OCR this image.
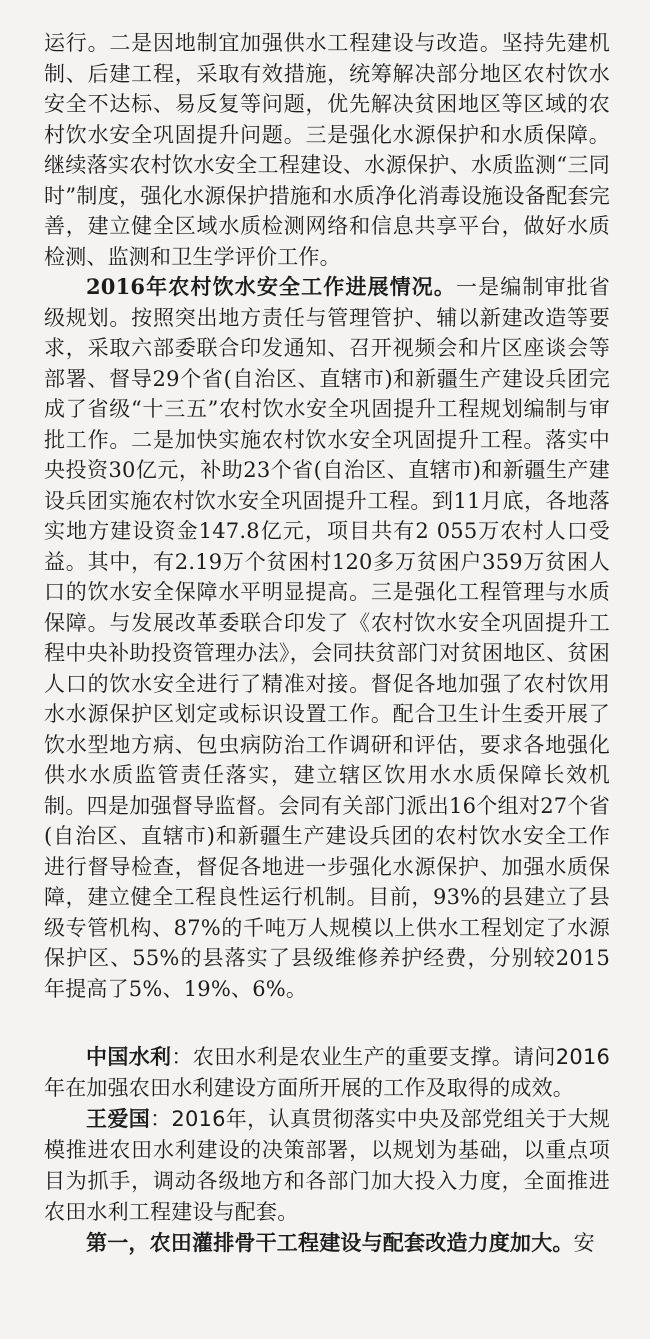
运行。二是因地制宜加强供水工程建设与改造。坚持先建机制、后建工程，采取有效措施，统筹解决部分地区农村饮水安全不达标、易反复等问题，优先解决贫困地区等区域的农村饮水安全巩固提升问题。三是强化水源保护和水质保障。继续落实农村饮水安全工程建设、水源保护、水质监测“三同时”制度，强化水源保护措施和水质净化消毒设施设备配套完善，建立健全区域水质检测网络和信息共享平台，做好水质检测、监测和卫生学评价工作。

2016年农村饮水安全工作进展情况。一是编制审批省级规划。按照突出地方责任与管理管护、辅以新建改造等要求，采取六部委联合印发通知、召开视频会和片区座谈会等部署、督导29个省(自治区、直辖市)和新疆生产建设兵团完成了省级“十三五”农村饮水安全巩固提升工程规划编制与审批工作。二是加快实施农村饮水安全巩固提升工程。落实中央投资30亿元，补助23个省(自治区、直辖市)和新疆生产建设兵团实施农村饮水安全巩固提升工程。到11月底，各地落实地方建设资金147.8亿元，项目共有2 055万农村人口受益。其中，有2.19万个贫困村120多万贫困户359万贫困人口的饮水安全保障水平明显提高。三是强化工程管理与水质保障。与发展改革委联合印发了《农村饮水安全巩固提升工程中央补助投资管理办法》，会同扶贫部门对贫困地区、贫困人口的饮水安全进行了精准对接。督促各地加强了农村饮用水水源保护区划定或标识设置工作。配合卫生计生委开展了饮水型地方病、包虫病防治工作调研和评估，要求各地强化供水水质监管责任落实，建立辖区饮用水水质保障长效机制。四是加强督导监督。会同有关部门派出16个组对27个省(自治区、直辖市)和新疆生产建设兵团的农村饮水安全工作进行督导检查，督促各地进一步强化水源保护、加强水质保障，建立健全工程良性运行机制。目前，93%的县建立了县级专管机构、87%的千吨万人规模以上供水工程划定了水源保护区、55%的县落实了县级维修养护经费，分别较2015年提高了5%、19%、6%。

中国水利：农田水利是农业生产的重要支撑。请问2016年在加强农田水利建设方面所开展的工作及取得的成效。

王爱国：2016年，认真贯彻落实中央及部党组关于大规模推进农田水利建设的决策部署，以规划为基础，以重点项目为抓手，调动各级地方和各部门加大投入力度，全面推进农田水利工程建设与配套。

第一，农田灌排骨干工程建设与配套改造力度加大。安
